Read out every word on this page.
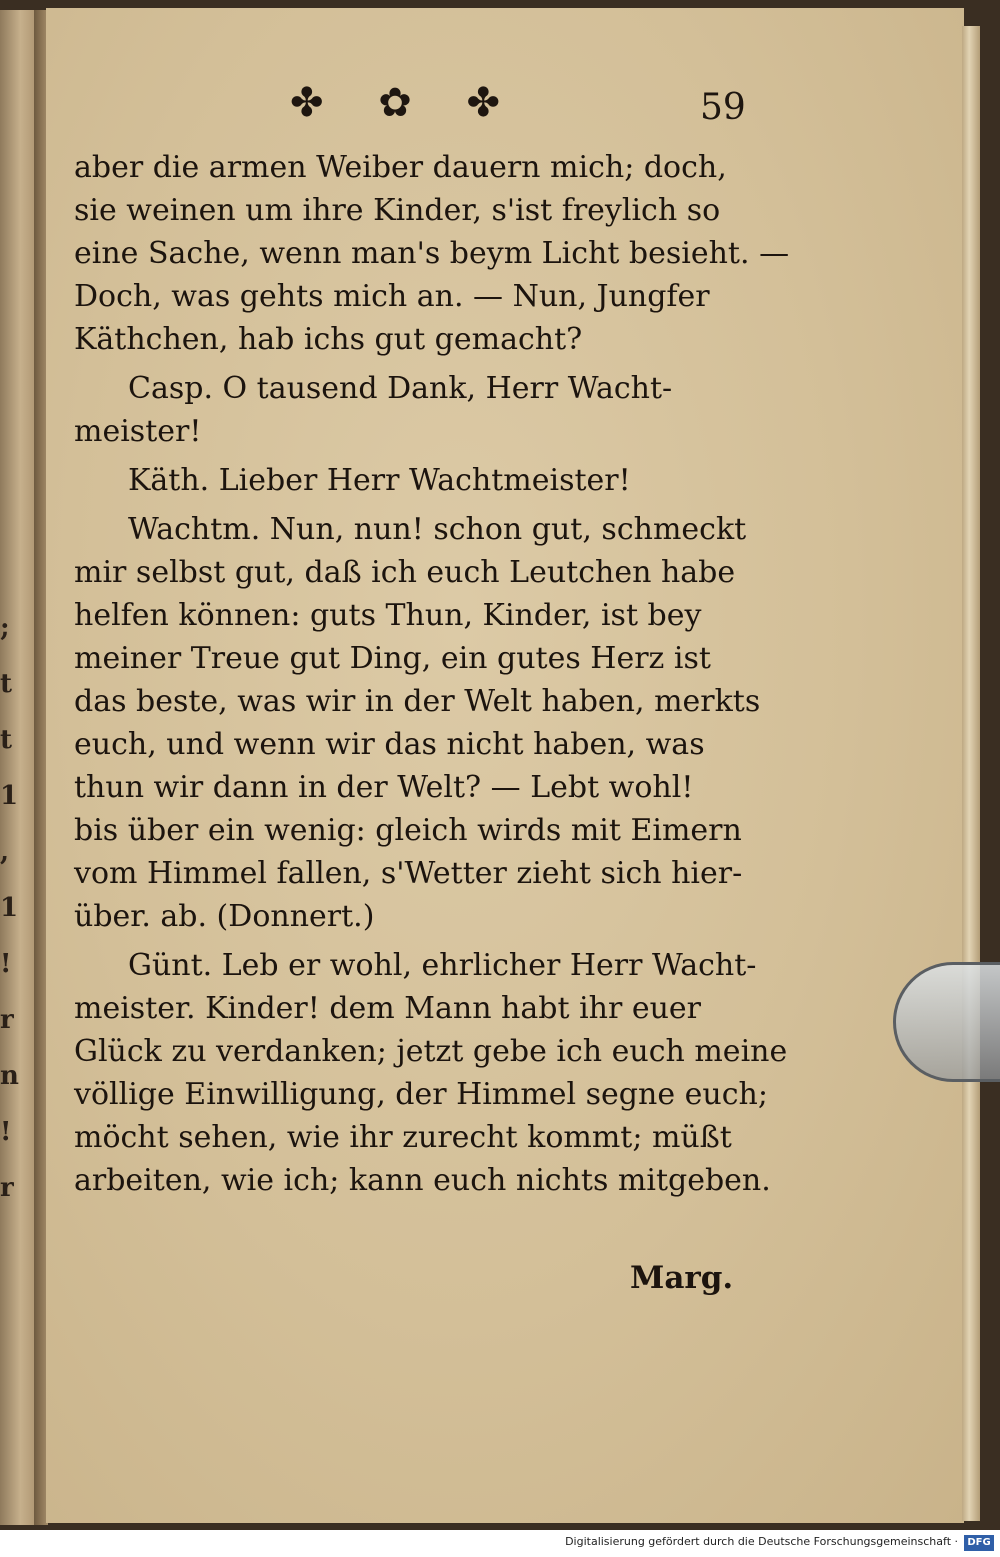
;
t
t
1
,
1
!
r
n
!
r
✤ ✿ ✤	59
aber die armen Weiber dauern mich; doch,
sie weinen um ihre Kinder, s'ist freylich so
eine Sache, wenn man's beym Licht besieht. —
Doch, was gehts mich an. — Nun, Jungfer
Käthchen, hab ichs gut gemacht?
Casp. O tausend Dank, Herr Wacht-
meister!
Käth. Lieber Herr Wachtmeister!
Wachtm. Nun, nun! schon gut, schmeckt
mir selbst gut, daß ich euch Leutchen habe
helfen können: guts Thun, Kinder, ist bey
meiner Treue gut Ding, ein gutes Herz ist
das beste, was wir in der Welt haben, merkts
euch, und wenn wir das nicht haben, was
thun wir dann in der Welt? — Lebt wohl!
bis über ein wenig: gleich wirds mit Eimern
vom Himmel fallen, s'Wetter zieht sich hier-
über. ab. (Donnert.)
Günt. Leb er wohl, ehrlicher Herr Wacht-
meister. Kinder! dem Mann habt ihr euer
Glück zu verdanken; jetzt gebe ich euch meine
völlige Einwilligung, der Himmel segne euch;
möcht sehen, wie ihr zurecht kommt; müßt
arbeiten, wie ich; kann euch nichts mitgeben.
Marg.
Digitalisierung gefördert durch die Deutsche Forschungsgemeinschaft · DFG
